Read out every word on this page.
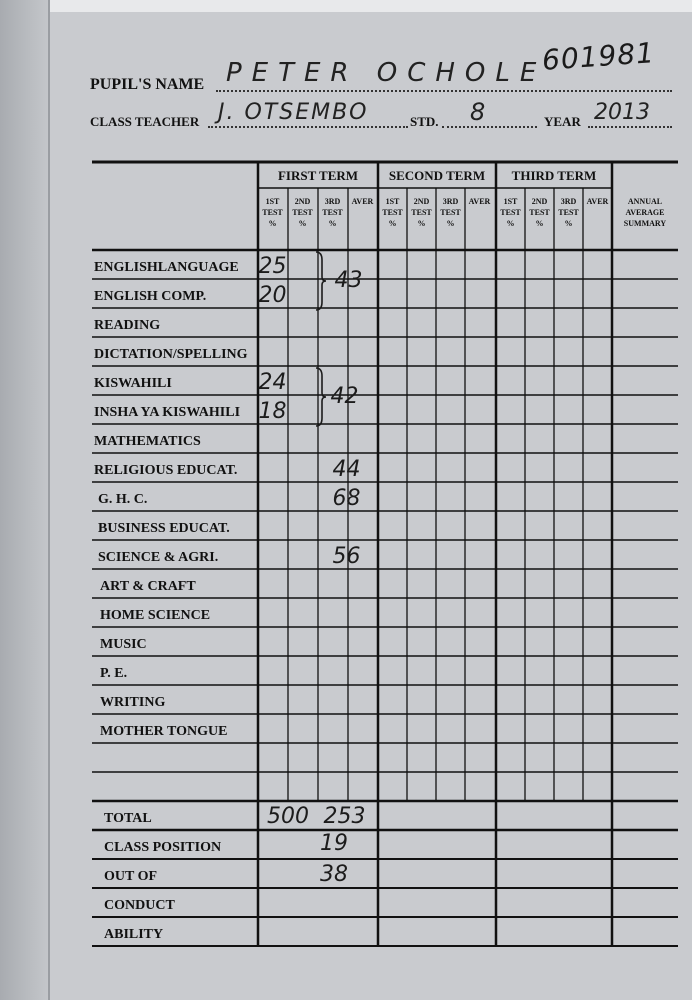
601981
PUPIL'S NAME PETER OCHOLE
CLASS TEACHER J. OTSEMBO	STD. 8	YEAR 2013
FIRST TERM SECOND TERM THIRD TERM
1ST
TEST
%
2ND
TEST
%
3RD
TEST
%
AVER 1ST
TEST
%
2ND
TEST
%
3RD
TEST
%
AVER 1ST
TEST
%
2ND
TEST
%
3RD
TEST
%
AVER ANNUAL
AVERAGE
SUMMARY
ENGLISHLANGUAGE
ENGLISH COMP.
READING
DICTATION/SPELLING
KISWAHILI
INSHA YA KISWAHILI
MATHEMATICS
RELIGIOUS EDUCAT.
G. H. C.
BUSINESS EDUCAT.
SCIENCE & AGRI.
ART & CRAFT
HOME SCIENCE
MUSIC
P. E.
WRITING
MOTHER TONGUE
TOTAL
CLASS POSITION
OUT OF
CONDUCT
ABILITY
25
20
43
24
18
42
44
68
56
500 253
19
38
